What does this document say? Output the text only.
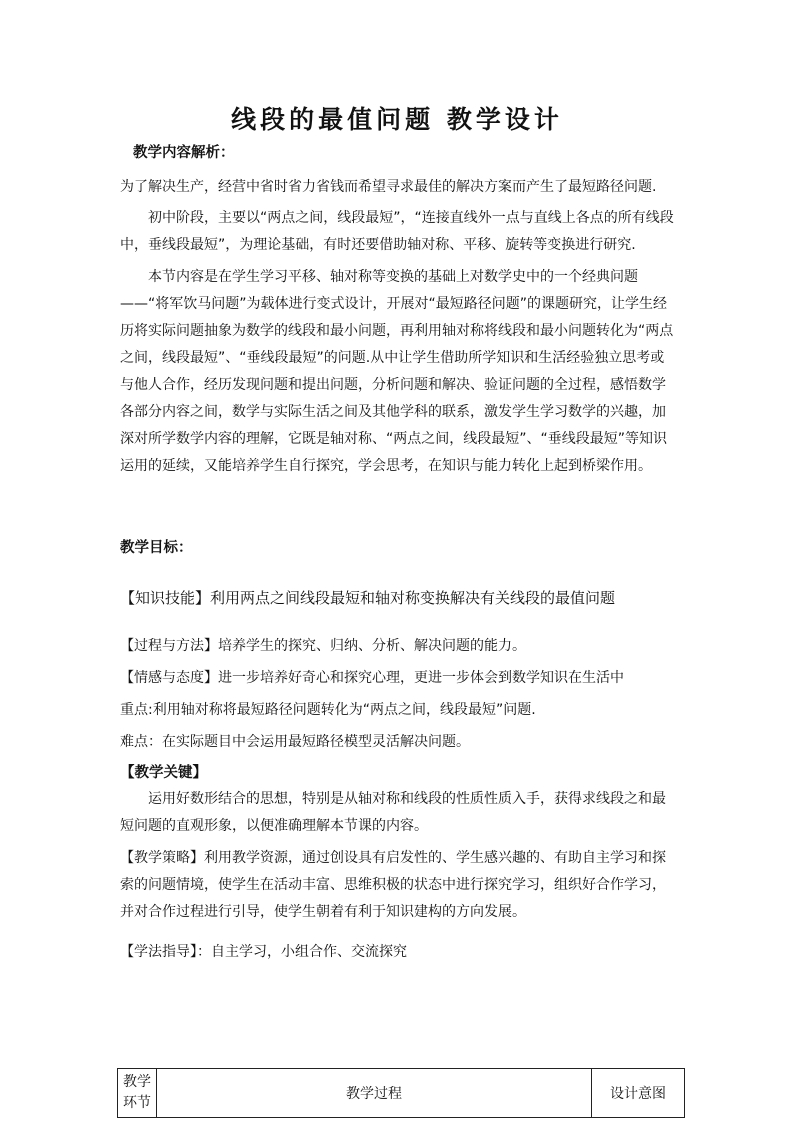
线段的最值问题 教学设计
教学内容解析：
为了解决生产，经营中省时省力省钱而希望寻求最佳的解决方案而产生了最短路径问题.
初中阶段，主要以“两点之间，线段最短”，“连接直线外一点与直线上各点的所有线段中，垂线段最短”，为理论基础，有时还要借助轴对称、平移、旋转等变换进行研究.
本节内容是在学生学习平移、轴对称等变换的基础上对数学史中的一个经典问题——“将军饮马问题”为载体进行变式设计，开展对“最短路径问题”的课题研究，让学生经历将实际问题抽象为数学的线段和最小问题，再利用轴对称将线段和最小问题转化为“两点之间，线段最短”、“垂线段最短”的问题.从中让学生借助所学知识和生活经验独立思考或与他人合作，经历发现问题和提出问题，分析问题和解决、验证问题的全过程，感悟数学各部分内容之间，数学与实际生活之间及其他学科的联系，激发学生学习数学的兴趣，加深对所学数学内容的理解，它既是轴对称、“两点之间，线段最短”、“垂线段最短”等知识运用的延续，又能培养学生自行探究，学会思考，在知识与能力转化上起到桥梁作用。
教学目标：
【知识技能】利用两点之间线段最短和轴对称变换解决有关线段的最值问题
【过程与方法】培养学生的探究、归纳、分析、解决问题的能力。
【情感与态度】进一步培养好奇心和探究心理，更进一步体会到数学知识在生活中
重点:利用轴对称将最短路径问题转化为“两点之间，线段最短”问题.
难点：在实际题目中会运用最短路径模型灵活解决问题。
【教学关键】
运用好数形结合的思想，特别是从轴对称和线段的性质性质入手，获得求线段之和最短问题的直观形象，以便准确理解本节课的内容。
【教学策略】利用教学资源，通过创设具有启发性的、学生感兴趣的、有助自主学习和探索的问题情境，使学生在活动丰富、思维积极的状态中进行探究学习，组织好合作学习，并对合作过程进行引导，使学生朝着有利于知识建构的方向发展。
【学法指导】：自主学习，小组合作、交流探究
教学
环节	教学过程	设计意图
